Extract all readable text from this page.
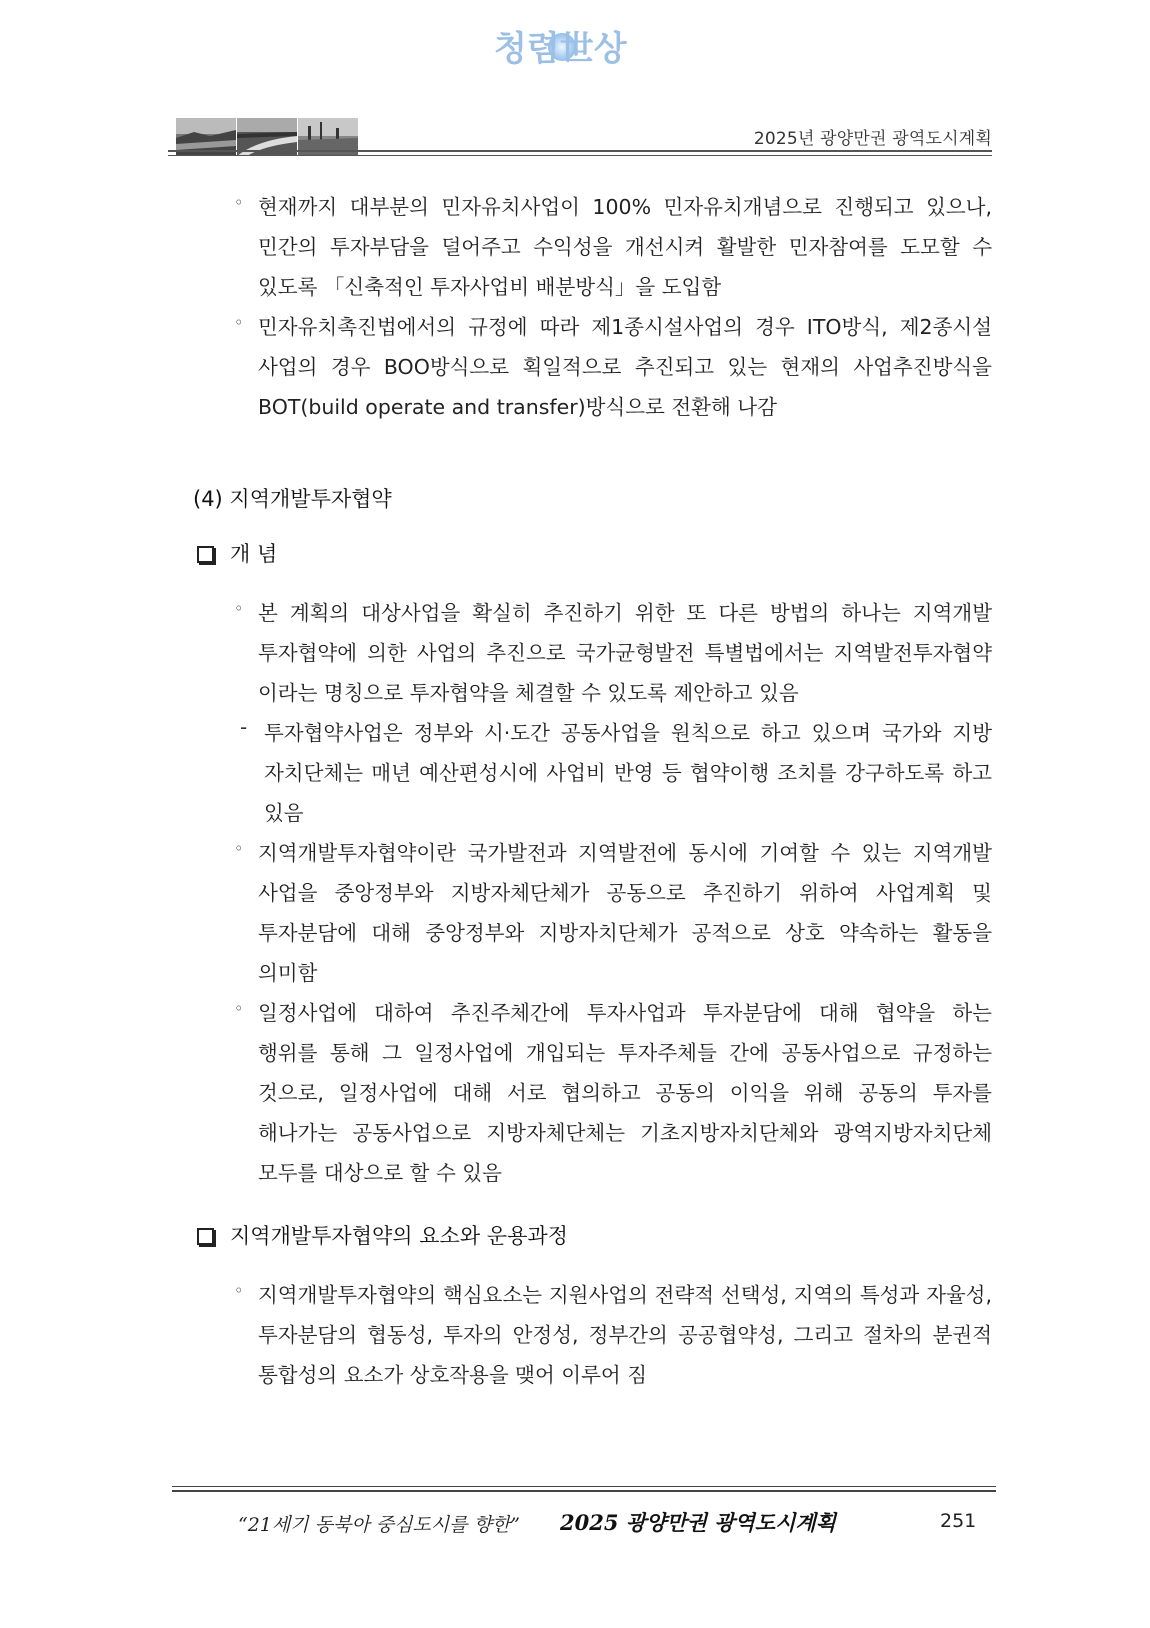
청렴世상
2025년 광양만권 광역도시계획
◦ 현재까지 대부분의 민자유치사업이 100% 민자유치개념으로 진행되고 있으나,
민간의 투자부담을 덜어주고 수익성을 개선시켜 활발한 민자참여를 도모할 수
있도록 「신축적인 투자사업비 배분방식」을 도입함
◦ 민자유치촉진법에서의 규정에 따라 제1종시설사업의 경우 ITO방식, 제2종시설
사업의 경우 BOO방식으로 획일적으로 추진되고 있는 현재의 사업추진방식을
BOT(build operate and transfer)방식으로 전환해 나감
(4) 지역개발투자협약
개 념
◦ 본 계획의 대상사업을 확실히 추진하기 위한 또 다른 방법의 하나는 지역개발
투자협약에 의한 사업의 추진으로 국가균형발전 특별법에서는 지역발전투자협약
이라는 명칭으로 투자협약을 체결할 수 있도록 제안하고 있음
- 투자협약사업은 정부와 시·도간 공동사업을 원칙으로 하고 있으며 국가와 지방
자치단체는 매년 예산편성시에 사업비 반영 등 협약이행 조치를 강구하도록 하고
있음
◦ 지역개발투자협약이란 국가발전과 지역발전에 동시에 기여할 수 있는 지역개발
사업을 중앙정부와 지방자체단체가 공동으로 추진하기 위하여 사업계획 및
투자분담에 대해 중앙정부와 지방자치단체가 공적으로 상호 약속하는 활동을
의미함
◦ 일정사업에 대하여 추진주체간에 투자사업과 투자분담에 대해 협약을 하는
행위를 통해 그 일정사업에 개입되는 투자주체들 간에 공동사업으로 규정하는
것으로, 일정사업에 대해 서로 협의하고 공동의 이익을 위해 공동의 투자를
해나가는 공동사업으로 지방자체단체는 기초지방자치단체와 광역지방자치단체
모두를 대상으로 할 수 있음
지역개발투자협약의 요소와 운용과정
◦ 지역개발투자협약의 핵심요소는 지원사업의 전략적 선택성, 지역의 특성과 자율성,
투자분담의 협동성, 투자의 안정성, 정부간의 공공협약성, 그리고 절차의 분권적
통합성의 요소가 상호작용을 맺어 이루어 짐
“21세기 동북아 중심도시를 향한” 2025 광양만권 광역도시계획	251
